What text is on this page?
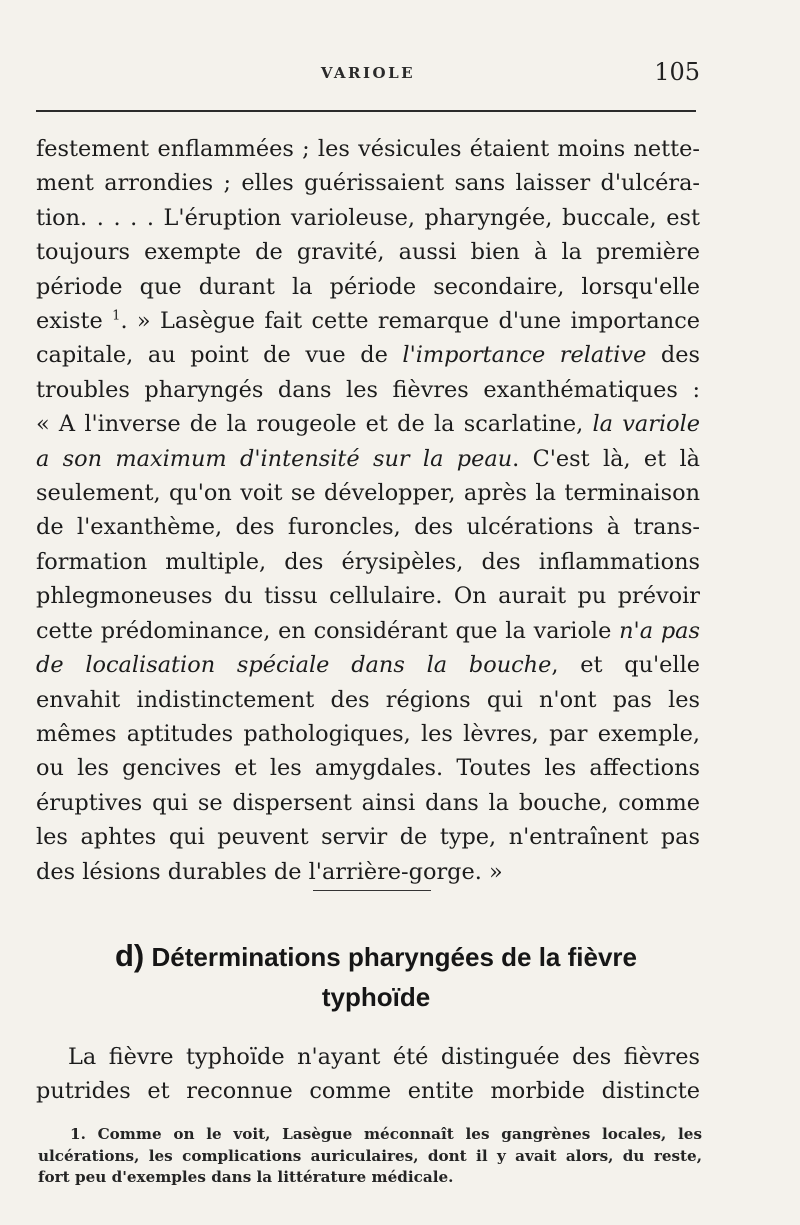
VARIOLE	105
festement enflammées ; les vésicules étaient moins nette-
ment arrondies ; elles guérissaient sans laisser d'ulcéra-
tion. . . . . L'éruption varioleuse, pharyngée, buccale, est
toujours exempte de gravité, aussi bien à la première
période que durant la période secondaire, lorsqu'elle
existe $^1$. » Lasègue fait cette remarque d'une importance
capitale, au point de vue de l'importance relative des
troubles pharyngés dans les fièvres exanthématiques :
« A l'inverse de la rougeole et de la scarlatine, la variole
a son maximum d'intensité sur la peau. C'est là, et là
seulement, qu'on voit se développer, après la terminaison
de l'exanthème, des furoncles, des ulcérations à trans-
formation multiple, des érysipèles, des inflammations
phlegmoneuses du tissu cellulaire. On aurait pu prévoir
cette prédominance, en considérant que la variole n'a pas
de localisation spéciale dans la bouche, et qu'elle
envahit indistinctement des régions qui n'ont pas les
mêmes aptitudes pathologiques, les lèvres, par exemple,
ou les gencives et les amygdales. Toutes les affections
éruptives qui se dispersent ainsi dans la bouche, comme
les aphtes qui peuvent servir de type, n'entraînent pas
des lésions durables de l'arrière-gorge. »
d) Déterminations pharyngées de la fièvre
typhoïde
La fièvre typhoïde n'ayant été distinguée des fièvres
putrides et reconnue comme entite morbide distincte
1. Comme on le voit, Lasègue méconnaît les gangrènes locales, les
ulcérations, les complications auriculaires, dont il y avait alors, du reste,
fort peu d'exemples dans la littérature médicale.
